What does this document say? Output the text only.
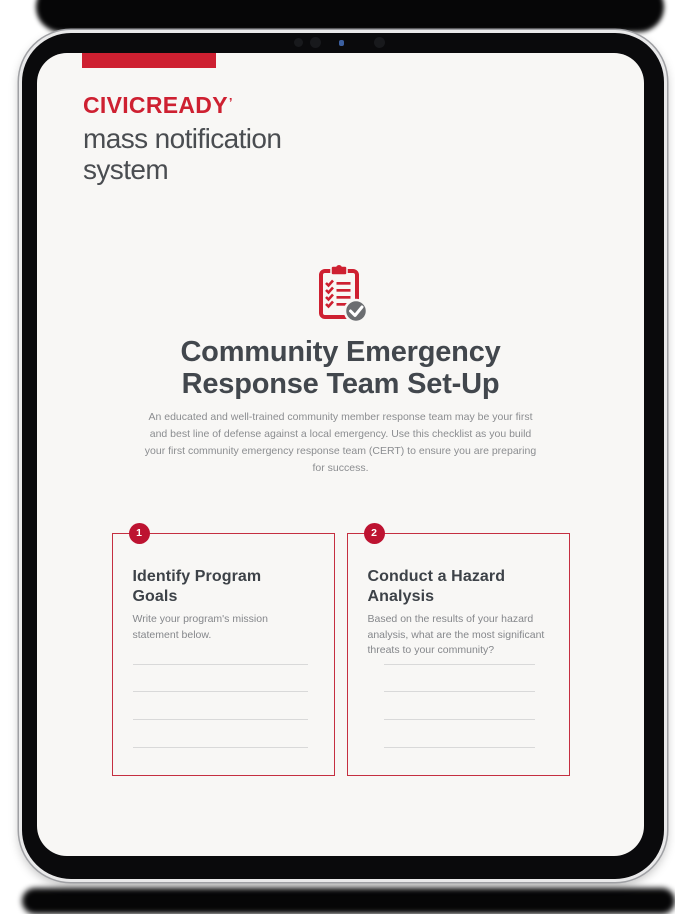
CIVICREADY’
mass notification
system
Community Emergency
Response Team Set-Up

An educated and well-trained community member response team may be your first and best line of defense against a local emergency. Use this checklist as you build your first community emergency response team (CERT) to ensure you are preparing for success.

1
Identify Program Goals

Write your program's mission statement below.

2
Conduct a Hazard Analysis

Based on the results of your hazard analysis, what are the most significant threats to your community?
